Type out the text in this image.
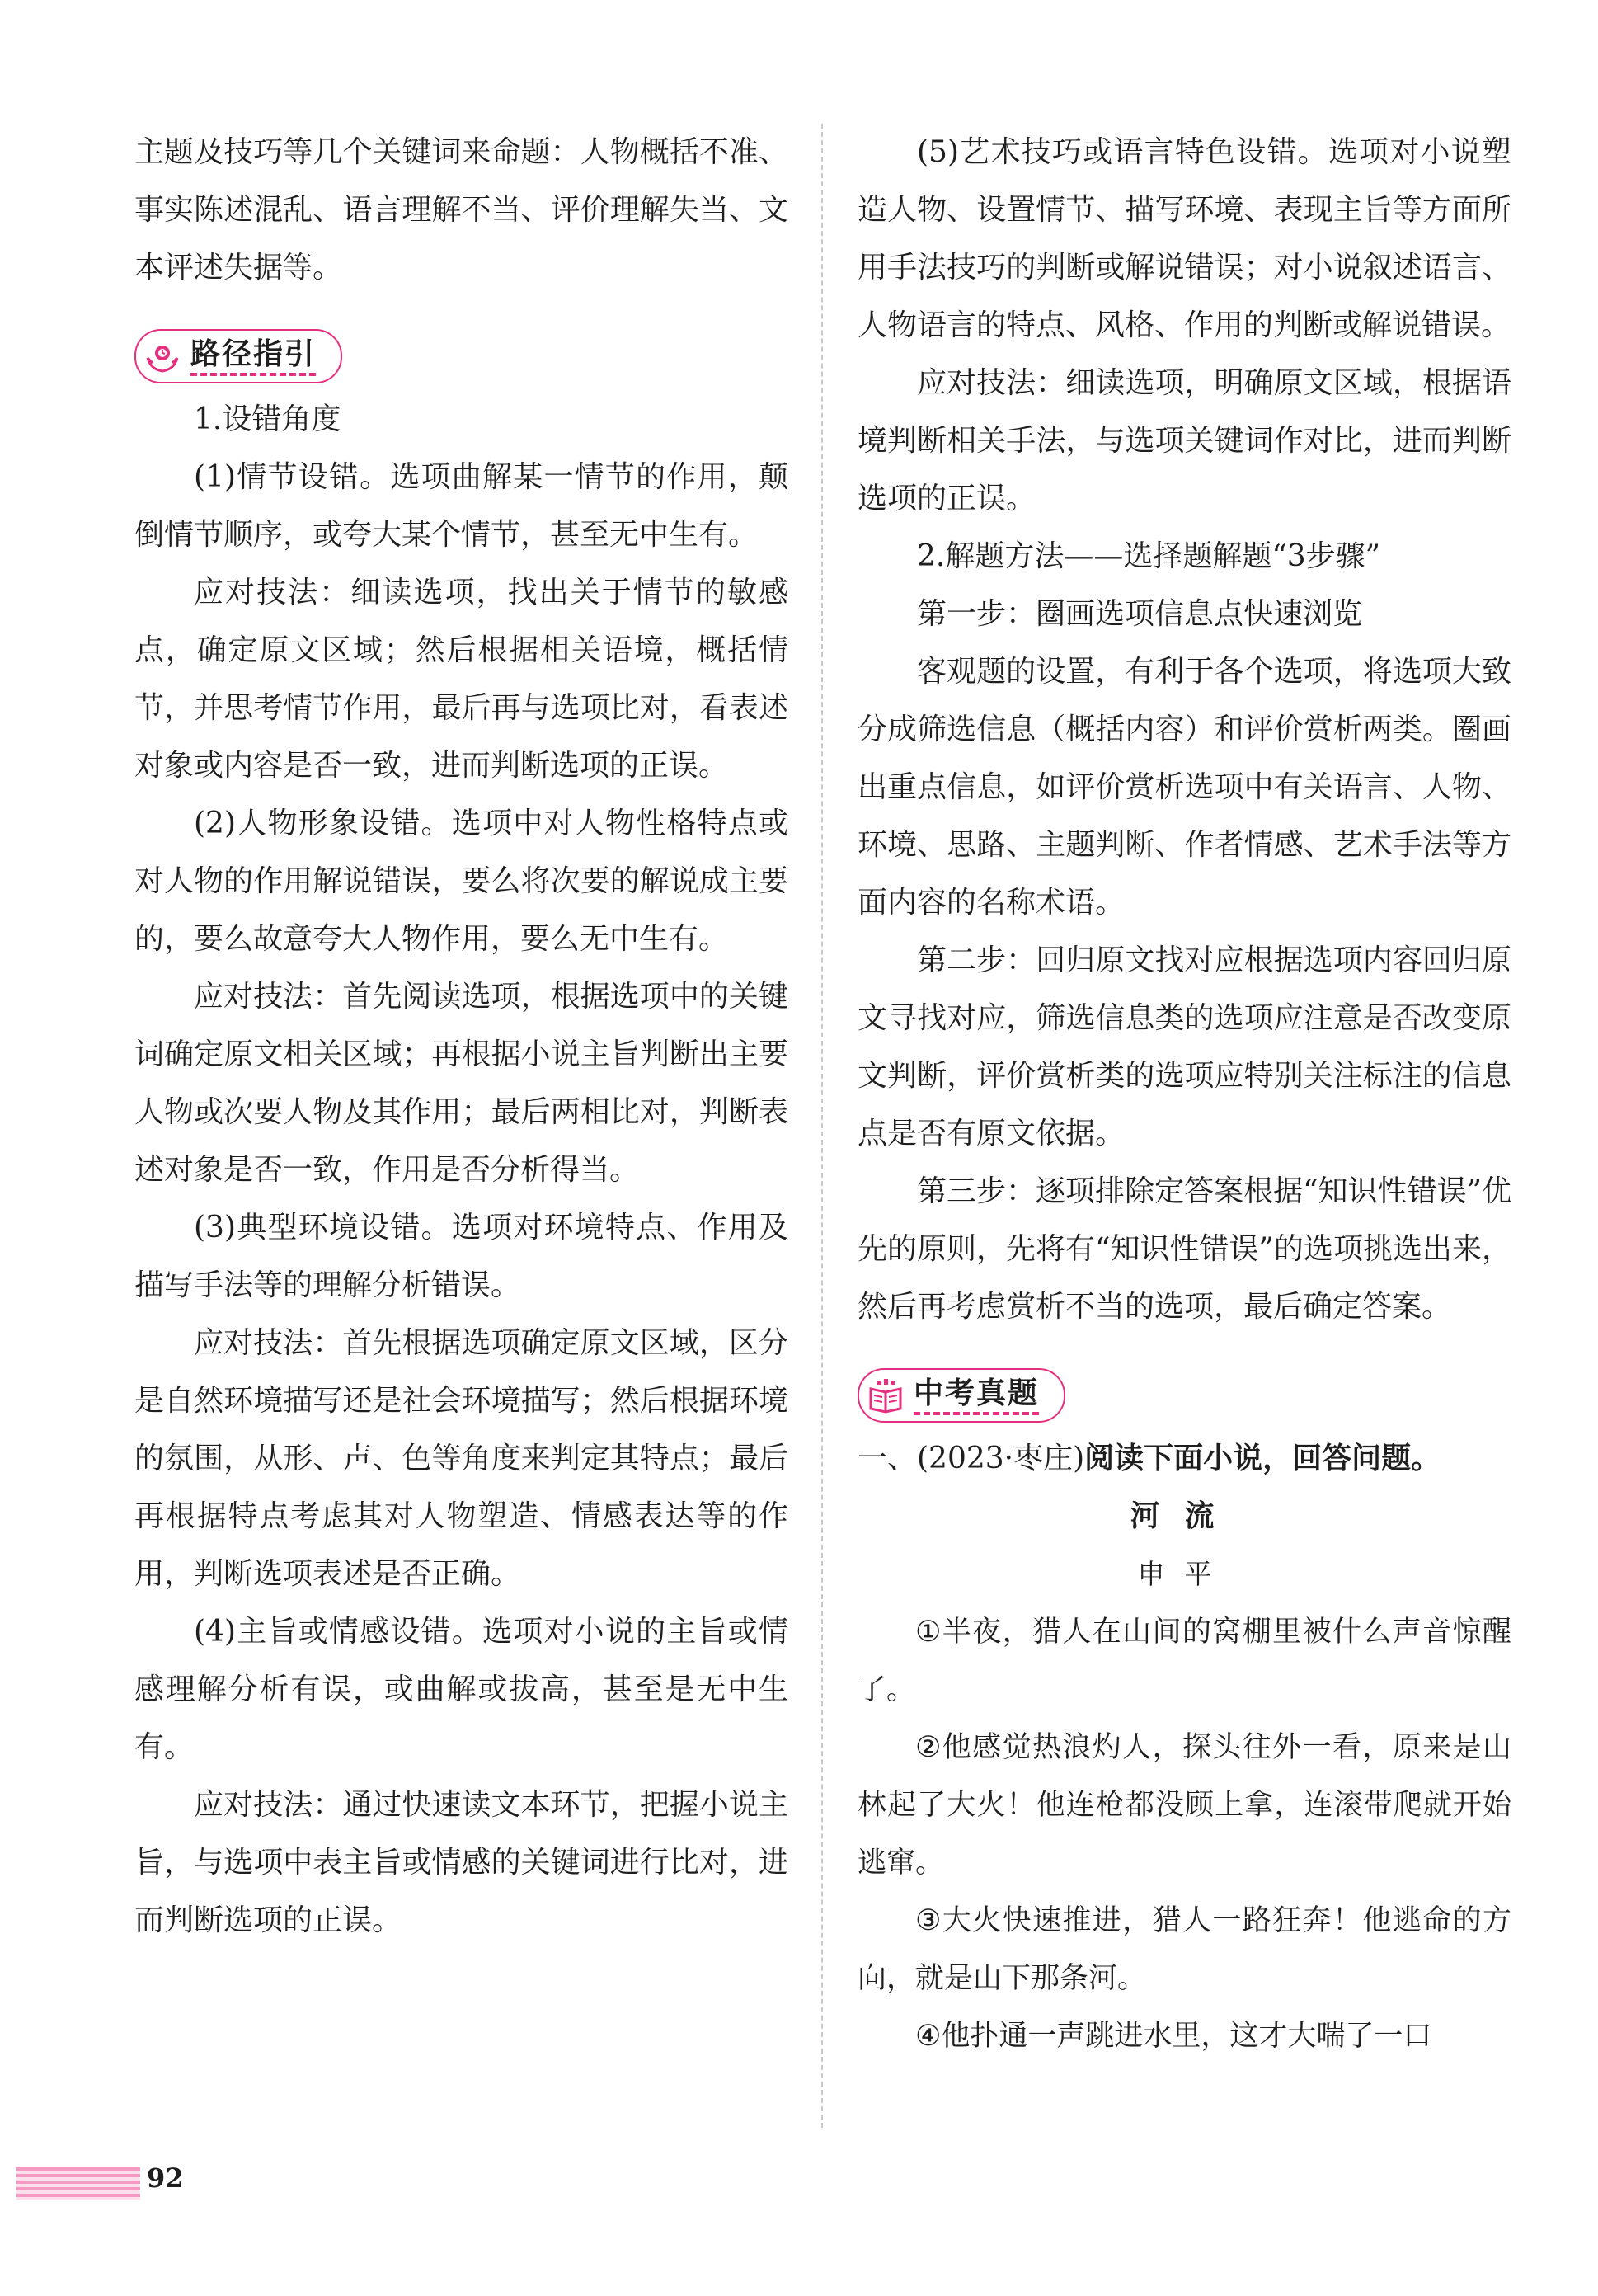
主题及技巧等几个关键词来命题：人物概括不准、事实陈述混乱、语言理解不当、评价理解失当、文本评述失据等。

路径指引

1.设错角度

(1)情节设错。选项曲解某一情节的作用，颠倒情节顺序，或夸大某个情节，甚至无中生有。

应对技法：细读选项，找出关于情节的敏感点，确定原文区域；然后根据相关语境，概括情节，并思考情节作用，最后再与选项比对，看表述对象或内容是否一致，进而判断选项的正误。

(2)人物形象设错。选项中对人物性格特点或对人物的作用解说错误，要么将次要的解说成主要的，要么故意夸大人物作用，要么无中生有。

应对技法：首先阅读选项，根据选项中的关键词确定原文相关区域；再根据小说主旨判断出主要人物或次要人物及其作用；最后两相比对，判断表述对象是否一致，作用是否分析得当。

(3)典型环境设错。选项对环境特点、作用及描写手法等的理解分析错误。

应对技法：首先根据选项确定原文区域，区分是自然环境描写还是社会环境描写；然后根据环境的氛围，从形、声、色等角度来判定其特点；最后再根据特点考虑其对人物塑造、情感表达等的作用，判断选项表述是否正确。

(4)主旨或情感设错。选项对小说的主旨或情感理解分析有误，或曲解或拔高，甚至是无中生有。

应对技法：通过快速读文本环节，把握小说主旨，与选项中表主旨或情感的关键词进行比对，进而判断选项的正误。

(5)艺术技巧或语言特色设错。选项对小说塑造人物、设置情节、描写环境、表现主旨等方面所用手法技巧的判断或解说错误；对小说叙述语言、人物语言的特点、风格、作用的判断或解说错误。

应对技法：细读选项，明确原文区域，根据语境判断相关手法，与选项关键词作对比，进而判断选项的正误。

2.解题方法——选择题解题“3步骤”

第一步：圈画选项信息点快速浏览

客观题的设置，有利于各个选项，将选项大致分成筛选信息（概括内容）和评价赏析两类。圈画出重点信息，如评价赏析选项中有关语言、人物、环境、思路、主题判断、作者情感、艺术手法等方面内容的名称术语。

第二步：回归原文找对应根据选项内容回归原文寻找对应，筛选信息类的选项应注意是否改变原文判断，评价赏析类的选项应特别关注标注的信息点是否有原文依据。

第三步：逐项排除定答案根据“知识性错误”优先的原则，先将有“知识性错误”的选项挑选出来，然后再考虑赏析不当的选项，最后确定答案。

中考真题

一、(2023·枣庄)阅读下面小说，回答问题。

河流

申平

①半夜，猎人在山间的窝棚里被什么声音惊醒了。

②他感觉热浪灼人，探头往外一看，原来是山林起了大火！他连枪都没顾上拿，连滚带爬就开始逃窜。

③大火快速推进，猎人一路狂奔！他逃命的方向，就是山下那条河。

④他扑通一声跳进水里，这才大喘了一口

92
